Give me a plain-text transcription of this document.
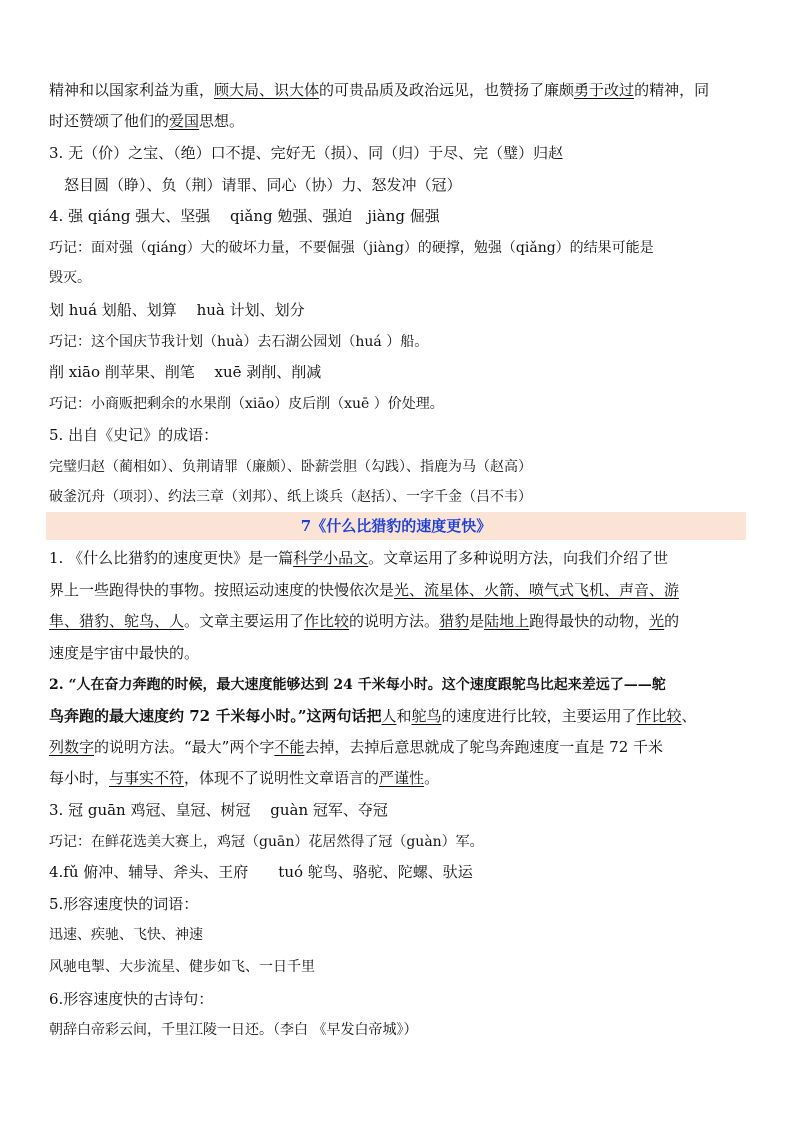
精神和以国家利益为重，顾大局、识大体的可贵品质及政治远见，也赞扬了廉颇勇于改过的精神，同
时还赞颂了他们的爱国思想。
3. 无（价）之宝、（绝）口不提、完好无（损）、同（归）于尽、完（璧）归赵
怒目圆（睁）、负（荆）请罪、同心（协）力、怒发冲（冠）
4. 强 qiáng 强大、坚强　 qiǎng 勉强、强迫　jiàng 倔强
巧记：面对强（qiáng）大的破坏力量，不要倔强（jiàng）的硬撑，勉强（qiǎng）的结果可能是
毁灭。
划 huá 划船、划算　 huà 计划、划分
巧记：这个国庆节我计划（huà）去石湖公园划（huá ）船。
削 xiāo 削苹果、削笔　 xuē 剥削、削减
巧记：小商贩把剩余的水果削（xiāo）皮后削（xuē ）价处理。
5. 出自《史记》的成语：
完璧归赵（蔺相如）、负荆请罪（廉颇）、卧薪尝胆（勾践）、指鹿为马（赵高）
破釜沉舟（项羽）、约法三章（刘邦）、纸上谈兵（赵括）、一字千金（吕不韦）
7《什么比猎豹的速度更快》
1. 《什么比猎豹的速度更快》是一篇科学小品文。文章运用了多种说明方法，向我们介绍了世
界上一些跑得快的事物。按照运动速度的快慢依次是光、流星体、火箭、喷气式飞机、声音、游
隼、猎豹、鸵鸟、人。文章主要运用了作比较的说明方法。猎豹是陆地上跑得最快的动物，光的
速度是宇宙中最快的。
2. “人在奋力奔跑的时候，最大速度能够达到 24 千米每小时。这个速度跟鸵鸟比起来差远了——鸵
鸟奔跑的最大速度约 72 千米每小时。”这两句话把人和鸵鸟的速度进行比较，主要运用了作比较、
列数字的说明方法。“最大”两个字不能去掉，去掉后意思就成了鸵鸟奔跑速度一直是 72 千米
每小时，与事实不符，体现不了说明性文章语言的严谨性。
3. 冠 guān 鸡冠、皇冠、树冠　 guàn 冠军、夺冠
巧记：在鲜花选美大赛上，鸡冠（guān）花居然得了冠（guàn）军。
4.fǔ 俯冲、辅导、斧头、王府　　tuó 鸵鸟、骆驼、陀螺、驮运
5.形容速度快的词语：
迅速、疾驰、飞快、神速
风驰电掣、大步流星、健步如飞、一日千里
6.形容速度快的古诗句：
朝辞白帝彩云间，千里江陵一日还。（李白 《早发白帝城》）
